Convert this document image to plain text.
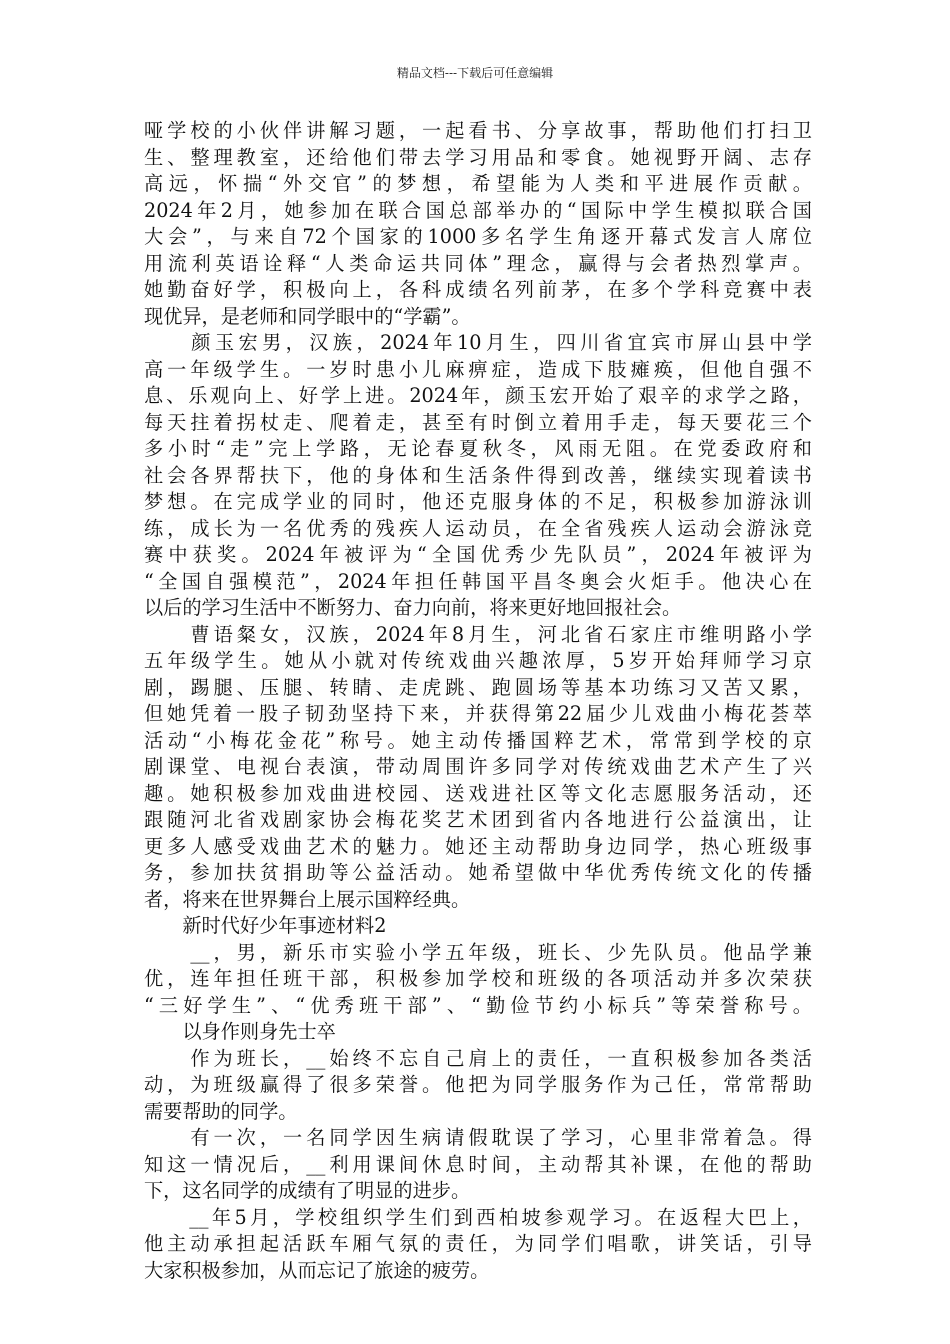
精品文档---下载后可任意编辑
哑学校的小伙伴讲解习题，一起看书、分享故事，帮助他们打扫卫
生、整理教室，还给他们带去学习用品和零食。她视野开阔、志存
高远，怀揣“外交官”的梦想，希望能为人类和平进展作贡献。
2024年2月，她参加在联合国总部举办的“国际中学生模拟联合国
大会”，与来自72个国家的1000多名学生角逐开幕式发言人席位
用流利英语诠释“人类命运共同体”理念，赢得与会者热烈掌声。
她勤奋好学，积极向上，各科成绩名列前茅，在多个学科竞赛中表
现优异，是老师和同学眼中的“学霸”。
　　颜玉宏男，汉族，2024年10月生，四川省宜宾市屏山县中学
高一年级学生。一岁时患小儿麻痹症，造成下肢瘫痪，但他自强不
息、乐观向上、好学上进。2024年，颜玉宏开始了艰辛的求学之路，
每天拄着拐杖走、爬着走，甚至有时倒立着用手走，每天要花三个
多小时“走”完上学路，无论春夏秋冬，风雨无阻。在党委政府和
社会各界帮扶下，他的身体和生活条件得到改善，继续实现着读书
梦想。在完成学业的同时，他还克服身体的不足，积极参加游泳训
练，成长为一名优秀的残疾人运动员，在全省残疾人运动会游泳竞
赛中获奖。2024年被评为“全国优秀少先队员”，2024年被评为
“全国自强模范”，2024年担任韩国平昌冬奥会火炬手。他决心在
以后的学习生活中不断努力、奋力向前，将来更好地回报社会。
　　曹语粲女，汉族，2024年8月生，河北省石家庄市维明路小学
五年级学生。她从小就对传统戏曲兴趣浓厚，5岁开始拜师学习京
剧，踢腿、压腿、转睛、走虎跳、跑圆场等基本功练习又苦又累，
但她凭着一股子韧劲坚持下来，并获得第22届少儿戏曲小梅花荟萃
活动“小梅花金花”称号。她主动传播国粹艺术，常常到学校的京
剧课堂、电视台表演，带动周围许多同学对传统戏曲艺术产生了兴
趣。她积极参加戏曲进校园、送戏进社区等文化志愿服务活动，还
跟随河北省戏剧家协会梅花奖艺术团到省内各地进行公益演出，让
更多人感受戏曲艺术的魅力。她还主动帮助身边同学，热心班级事
务，参加扶贫捐助等公益活动。她希望做中华优秀传统文化的传播
者，将来在世界舞台上展示国粹经典。
　　新时代好少年事迹材料2
　　__，男，新乐市实验小学五年级，班长、少先队员。他品学兼
优，连年担任班干部，积极参加学校和班级的各项活动并多次荣获
“三好学生”、“优秀班干部”、“勤俭节约小标兵”等荣誉称号。
　　以身作则身先士卒
　　作为班长，__始终不忘自己肩上的责任，一直积极参加各类活
动，为班级赢得了很多荣誉。他把为同学服务作为己任，常常帮助
需要帮助的同学。
　　有一次，一名同学因生病请假耽误了学习，心里非常着急。得
知这一情况后，__利用课间休息时间，主动帮其补课，在他的帮助
下，这名同学的成绩有了明显的进步。
　　__年5月，学校组织学生们到西柏坡参观学习。在返程大巴上，
他主动承担起活跃车厢气氛的责任，为同学们唱歌，讲笑话，引导
大家积极参加，从而忘记了旅途的疲劳。
